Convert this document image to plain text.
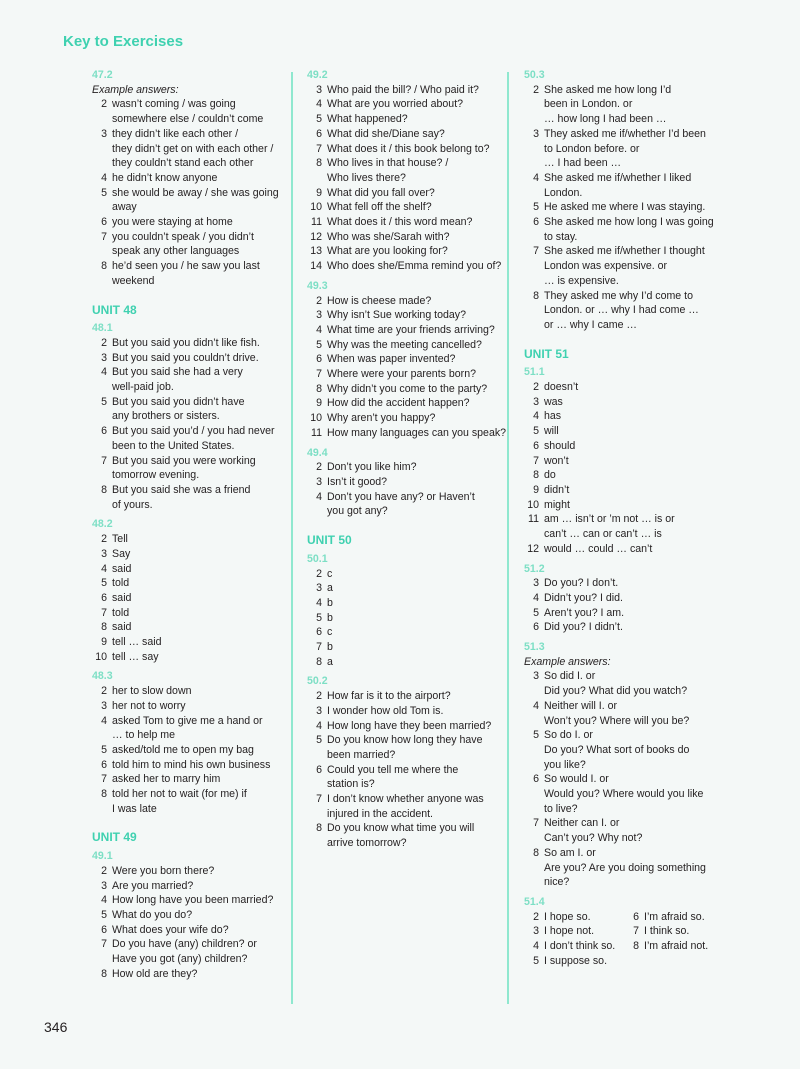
Key to Exercises
47.2
Example answers:
2 wasn’t coming / was going
somewhere else / couldn’t come
3 they didn’t like each other /
they didn’t get on with each other /
they couldn’t stand each other
4 he didn’t know anyone
5 she would be away / she was going
away
6 you were staying at home
7 you couldn’t speak / you didn’t
speak any other languages
8 he’d seen you / he saw you last
weekend
UNIT 48
48.1
2 But you said you didn’t like fish.
3 But you said you couldn’t drive.
4 But you said she had a very
well-paid job.
5 But you said you didn’t have
any brothers or sisters.
6 But you said you’d / you had never
been to the United States.
7 But you said you were working
tomorrow evening.
8 But you said she was a friend
of yours.
48.2
2 Tell
3 Say
4 said
5 told
6 said
7 told
8 said
9 tell … said
10 tell … say
48.3
2 her to slow down
3 her not to worry
4 asked Tom to give me a hand or
… to help me
5 asked/told me to open my bag
6 told him to mind his own business
7 asked her to marry him
8 told her not to wait (for me) if
I was late
UNIT 49
49.1
2 Were you born there?
3 Are you married?
4 How long have you been married?
5 What do you do?
6 What does your wife do?
7 Do you have (any) children? or
Have you got (any) children?
8 How old are they?
49.2
3 Who paid the bill? / Who paid it?
4 What are you worried about?
5 What happened?
6 What did she/Diane say?
7 What does it / this book belong to?
8 Who lives in that house? /
Who lives there?
9 What did you fall over?
10 What fell off the shelf?
11 What does it / this word mean?
12 Who was she/Sarah with?
13 What are you looking for?
14 Who does she/Emma remind you of?
49.3
2 How is cheese made?
3 Why isn’t Sue working today?
4 What time are your friends arriving?
5 Why was the meeting cancelled?
6 When was paper invented?
7 Where were your parents born?
8 Why didn’t you come to the party?
9 How did the accident happen?
10 Why aren’t you happy?
11 How many languages can you speak?
49.4
2 Don’t you like him?
3 Isn’t it good?
4 Don’t you have any? or Haven’t
you got any?
UNIT 50
50.1
2 c
3 a
4 b
5 b
6 c
7 b
8 a
50.2
2 How far is it to the airport?
3 I wonder how old Tom is.
4 How long have they been married?
5 Do you know how long they have
been married?
6 Could you tell me where the
station is?
7 I don’t know whether anyone was
injured in the accident.
8 Do you know what time you will
arrive tomorrow?
50.3
2 She asked me how long I’d
been in London. or
… how long I had been …
3 They asked me if/whether I’d been
to London before. or
… I had been …
4 She asked me if/whether I liked
London.
5 He asked me where I was staying.
6 She asked me how long I was going
to stay.
7 She asked me if/whether I thought
London was expensive. or
… is expensive.
8 They asked me why I’d come to
London. or … why I had come …
or … why I came …
UNIT 51
51.1
2 doesn’t
3 was
4 has
5 will
6 should
7 won’t
8 do
9 didn’t
10 might
11 am … isn’t or ’m not … is or
can’t … can or can’t … is
12 would … could … can’t
51.2
3 Do you? I don’t.
4 Didn’t you? I did.
5 Aren’t you? I am.
6 Did you? I didn’t.
51.3
Example answers:
3 So did I. or
Did you? What did you watch?
4 Neither will I. or
Won’t you? Where will you be?
5 So do I. or
Do you? What sort of books do
you like?
6 So would I. or
Would you? Where would you like
to live?
7 Neither can I. or
Can’t you? Why not?
8 So am I. or
Are you? Are you doing something
nice?
51.4
2 I hope so.	6 I’m afraid so.
3 I hope not.	7 I think so.
4 I don’t think so.	8 I’m afraid not.
5 I suppose so.
346
